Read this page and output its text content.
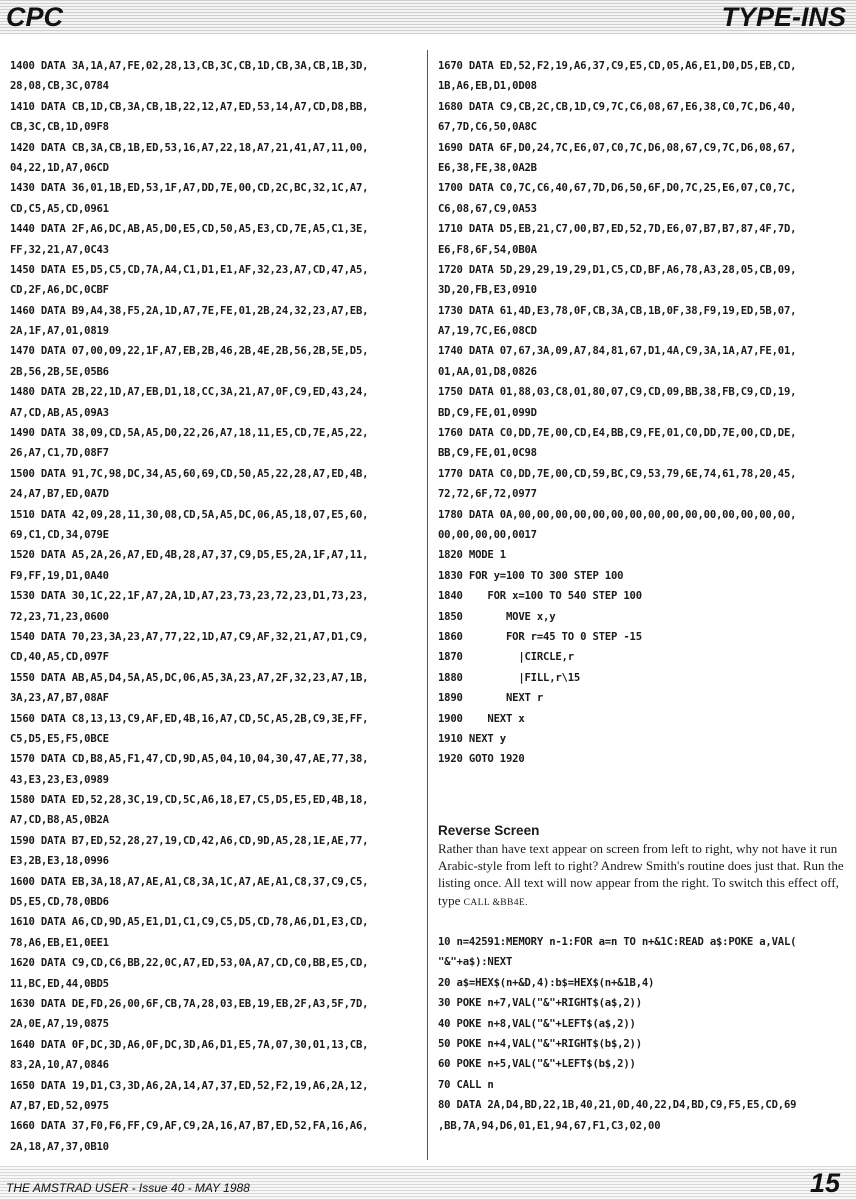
CPC	TYPE-INS
1400 DATA 3A,1A,A7,FE,02,28,13,CB,3C,CB,1D,CB,3A,CB,1B,3D,
28,08,CB,3C,0784
1410 DATA CB,1D,CB,3A,CB,1B,22,12,A7,ED,53,14,A7,CD,D8,BB,
CB,3C,CB,1D,09F8
1420 DATA CB,3A,CB,1B,ED,53,16,A7,22,18,A7,21,41,A7,11,00,
04,22,1D,A7,06CD
1430 DATA 36,01,1B,ED,53,1F,A7,DD,7E,00,CD,2C,BC,32,1C,A7,
CD,C5,A5,CD,0961
1440 DATA 2F,A6,DC,AB,A5,D0,E5,CD,50,A5,E3,CD,7E,A5,C1,3E,
FF,32,21,A7,0C43
1450 DATA E5,D5,C5,CD,7A,A4,C1,D1,E1,AF,32,23,A7,CD,47,A5,
CD,2F,A6,DC,0CBF
1460 DATA B9,A4,38,F5,2A,1D,A7,7E,FE,01,2B,24,32,23,A7,EB,
2A,1F,A7,01,0819
1470 DATA 07,00,09,22,1F,A7,EB,2B,46,2B,4E,2B,56,2B,5E,D5,
2B,56,2B,5E,05B6
1480 DATA 2B,22,1D,A7,EB,D1,18,CC,3A,21,A7,0F,C9,ED,43,24,
A7,CD,AB,A5,09A3
1490 DATA 38,09,CD,5A,A5,D0,22,26,A7,18,11,E5,CD,7E,A5,22,
26,A7,C1,7D,08F7
1500 DATA 91,7C,98,DC,34,A5,60,69,CD,50,A5,22,28,A7,ED,4B,
24,A7,B7,ED,0A7D
1510 DATA 42,09,28,11,30,08,CD,5A,A5,DC,06,A5,18,07,E5,60,
69,C1,CD,34,079E
1520 DATA A5,2A,26,A7,ED,4B,28,A7,37,C9,D5,E5,2A,1F,A7,11,
F9,FF,19,D1,0A40
1530 DATA 30,1C,22,1F,A7,2A,1D,A7,23,73,23,72,23,D1,73,23,
72,23,71,23,0600
1540 DATA 70,23,3A,23,A7,77,22,1D,A7,C9,AF,32,21,A7,D1,C9,
CD,40,A5,CD,097F
1550 DATA AB,A5,D4,5A,A5,DC,06,A5,3A,23,A7,2F,32,23,A7,1B,
3A,23,A7,B7,08AF
1560 DATA C8,13,13,C9,AF,ED,4B,16,A7,CD,5C,A5,2B,C9,3E,FF,
C5,D5,E5,F5,0BCE
1570 DATA CD,B8,A5,F1,47,CD,9D,A5,04,10,04,30,47,AE,77,38,
43,E3,23,E3,0989
1580 DATA ED,52,28,3C,19,CD,5C,A6,18,E7,C5,D5,E5,ED,4B,18,
A7,CD,B8,A5,0B2A
1590 DATA B7,ED,52,28,27,19,CD,42,A6,CD,9D,A5,28,1E,AE,77,
E3,2B,E3,18,0996
1600 DATA EB,3A,18,A7,AE,A1,C8,3A,1C,A7,AE,A1,C8,37,C9,C5,
D5,E5,CD,78,0BD6
1610 DATA A6,CD,9D,A5,E1,D1,C1,C9,C5,D5,CD,78,A6,D1,E3,CD,
78,A6,EB,E1,0EE1
1620 DATA C9,CD,C6,BB,22,0C,A7,ED,53,0A,A7,CD,C0,BB,E5,CD,
11,BC,ED,44,0BD5
1630 DATA DE,FD,26,00,6F,CB,7A,28,03,EB,19,EB,2F,A3,5F,7D,
2A,0E,A7,19,0875
1640 DATA 0F,DC,3D,A6,0F,DC,3D,A6,D1,E5,7A,07,30,01,13,CB,
83,2A,10,A7,0846
1650 DATA 19,D1,C3,3D,A6,2A,14,A7,37,ED,52,F2,19,A6,2A,12,
A7,B7,ED,52,0975
1660 DATA 37,F0,F6,FF,C9,AF,C9,2A,16,A7,B7,ED,52,FA,16,A6,
2A,18,A7,37,0B10
1670 DATA ED,52,F2,19,A6,37,C9,E5,CD,05,A6,E1,D0,D5,EB,CD,
1B,A6,EB,D1,0D08
1680 DATA C9,CB,2C,CB,1D,C9,7C,C6,08,67,E6,38,C0,7C,D6,40,
67,7D,C6,50,0A8C
1690 DATA 6F,D0,24,7C,E6,07,C0,7C,D6,08,67,C9,7C,D6,08,67,
E6,38,FE,38,0A2B
1700 DATA C0,7C,C6,40,67,7D,D6,50,6F,D0,7C,25,E6,07,C0,7C,
C6,08,67,C9,0A53
1710 DATA D5,EB,21,C7,00,B7,ED,52,7D,E6,07,B7,B7,87,4F,7D,
E6,F8,6F,54,0B0A
1720 DATA 5D,29,29,19,29,D1,C5,CD,BF,A6,78,A3,28,05,CB,09,
3D,20,FB,E3,0910
1730 DATA 61,4D,E3,78,0F,CB,3A,CB,1B,0F,38,F9,19,ED,5B,07,
A7,19,7C,E6,08CD
1740 DATA 07,67,3A,09,A7,84,81,67,D1,4A,C9,3A,1A,A7,FE,01,
01,AA,01,D8,0826
1750 DATA 01,88,03,C8,01,80,07,C9,CD,09,BB,38,FB,C9,CD,19,
BD,C9,FE,01,099D
1760 DATA C0,DD,7E,00,CD,E4,BB,C9,FE,01,C0,DD,7E,00,CD,DE,
BB,C9,FE,01,0C98
1770 DATA C0,DD,7E,00,CD,59,BC,C9,53,79,6E,74,61,78,20,45,
72,72,6F,72,0977
1780 DATA 0A,00,00,00,00,00,00,00,00,00,00,00,00,00,00,00,
00,00,00,00,0017
1820 MODE 1
1830 FOR y=100 TO 300 STEP 100
1840    FOR x=100 TO 540 STEP 100
1850       MOVE x,y
1860       FOR r=45 TO 0 STEP -15
1870         |CIRCLE,r
1880         |FILL,r\15
1890       NEXT r
1900    NEXT x
1910 NEXT y
1920 GOTO 1920
Reverse Screen

Rather than have text appear on screen from left to right, why not have it run Arabic-style from left to right? Andrew Smith's routine does just that. Run the listing once. All text will now appear from the right. To switch this effect off, type CALL &BB4E.

10 n=42591:MEMORY n-1:FOR a=n TO n+&1C:READ a$:POKE a,VAL(
"&"+a$):NEXT
20 a$=HEX$(n+&D,4):b$=HEX$(n+&1B,4)
30 POKE n+7,VAL("&"+RIGHT$(a$,2))
40 POKE n+8,VAL("&"+LEFT$(a$,2))
50 POKE n+4,VAL("&"+RIGHT$(b$,2))
60 POKE n+5,VAL("&"+LEFT$(b$,2))
70 CALL n
80 DATA 2A,D4,BD,22,1B,40,21,0D,40,22,D4,BD,C9,F5,E5,CD,69
,BB,7A,94,D6,01,E1,94,67,F1,C3,02,00
THE AMSTRAD USER - Issue 40 - MAY 1988	15
